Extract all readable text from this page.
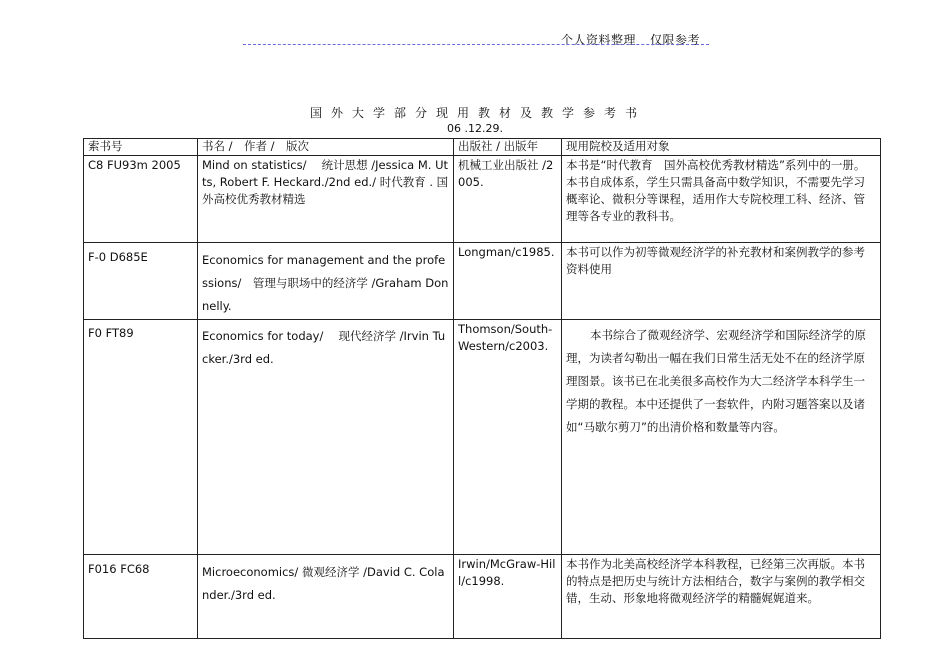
个人资料整理 仅限参考
国外大学部分现用教材及教学参考书
06 .12.29.
索书号	书名 /　作者 /　版次	出版社 / 出版年	现用院校及适用对象
C8 FU93m 2005	Mind on statistics/　 统计思想 /Jessica M. Utts, Robert F. Heckard./2nd ed./ 时代教育 . 国外高校优秀教材精选	机械工业出版社 /2005.	本书是“时代教育　国外高校优秀教材精选”系列中的一册。本书自成体系，学生只需具备高中数学知识，不需要先学习概率论、微积分等课程，适用作大专院校理工科、经济、管理等各专业的教科书。
F-0 D685E	Economics for management and the professions/　管理与职场中的经济学 /Graham Donnelly.	Longman/c1985.	本书可以作为初等微观经济学的补充教材和案例教学的参考资料使用
F0 FT89	Economics for today/　 现代经济学 /Irvin Tucker./3rd ed.	Thomson/South-Western/c2003.	本书综合了微观经济学、宏观经济学和国际经济学的原理，为读者勾勒出一幅在我们日常生活无处不在的经济学原理图景。该书已在北美很多高校作为大二经济学本科学生一学期的教程。本中还提供了一套软件，内附习题答案以及诸如“马歇尔剪刀”的出清价格和数量等内容。
F016 FC68	Microeconomics/ 微观经济学 /David C. Colander./3rd ed.	Irwin/McGraw-Hill/c1998.	本书作为北美高校经济学本科教程，已经第三次再版。本书的特点是把历史与统计方法相结合，数字与案例的教学相交错，生动、形象地将微观经济学的精髓娓娓道来。
